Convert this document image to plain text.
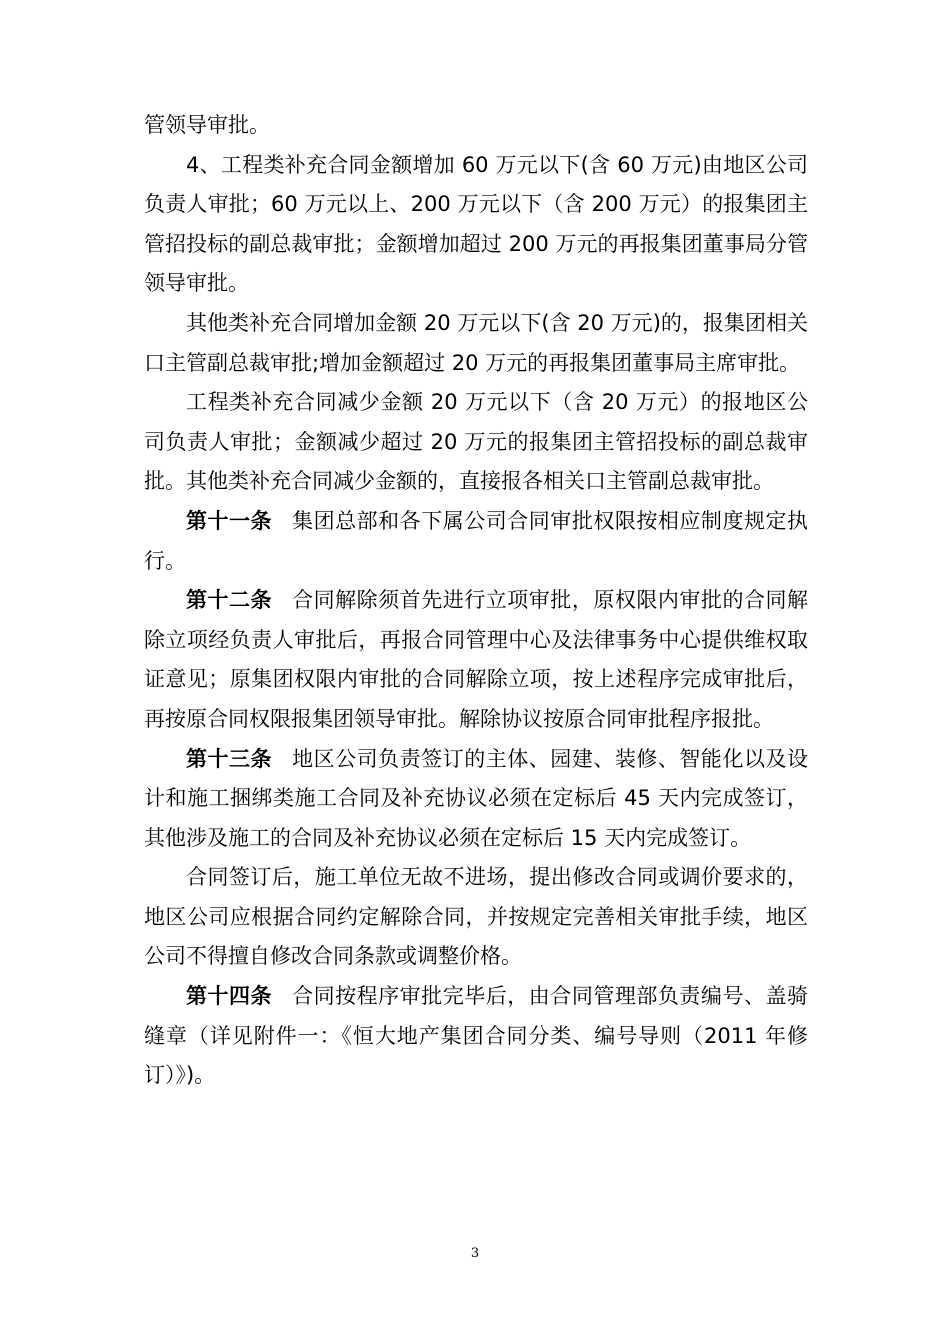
管领导审批。

4、工程类补充合同金额增加 60 万元以下(含 60 万元)由地区公司负责人审批；60 万元以上、200 万元以下（含 200 万元）的报集团主管招投标的副总裁审批；金额增加超过 200 万元的再报集团董事局分管领导审批。

其他类补充合同增加金额 20 万元以下(含 20 万元)的，报集团相关口主管副总裁审批;增加金额超过 20 万元的再报集团董事局主席审批。

工程类补充合同减少金额 20 万元以下（含 20 万元）的报地区公司负责人审批；金额减少超过 20 万元的报集团主管招投标的副总裁审批。其他类补充合同减少金额的，直接报各相关口主管副总裁审批。

第十一条 集团总部和各下属公司合同审批权限按相应制度规定执行。

第十二条 合同解除须首先进行立项审批，原权限内审批的合同解除立项经负责人审批后，再报合同管理中心及法律事务中心提供维权取证意见；原集团权限内审批的合同解除立项，按上述程序完成审批后，再按原合同权限报集团领导审批。解除协议按原合同审批程序报批。

第十三条 地区公司负责签订的主体、园建、装修、智能化以及设计和施工捆绑类施工合同及补充协议必须在定标后 45 天内完成签订，其他涉及施工的合同及补充协议必须在定标后 15 天内完成签订。

合同签订后，施工单位无故不进场，提出修改合同或调价要求的，地区公司应根据合同约定解除合同，并按规定完善相关审批手续，地区公司不得擅自修改合同条款或调整价格。

第十四条 合同按程序审批完毕后，由合同管理部负责编号、盖骑缝章（详见附件一：《恒大地产集团合同分类、编号导则（2011 年修订）》)。

3
